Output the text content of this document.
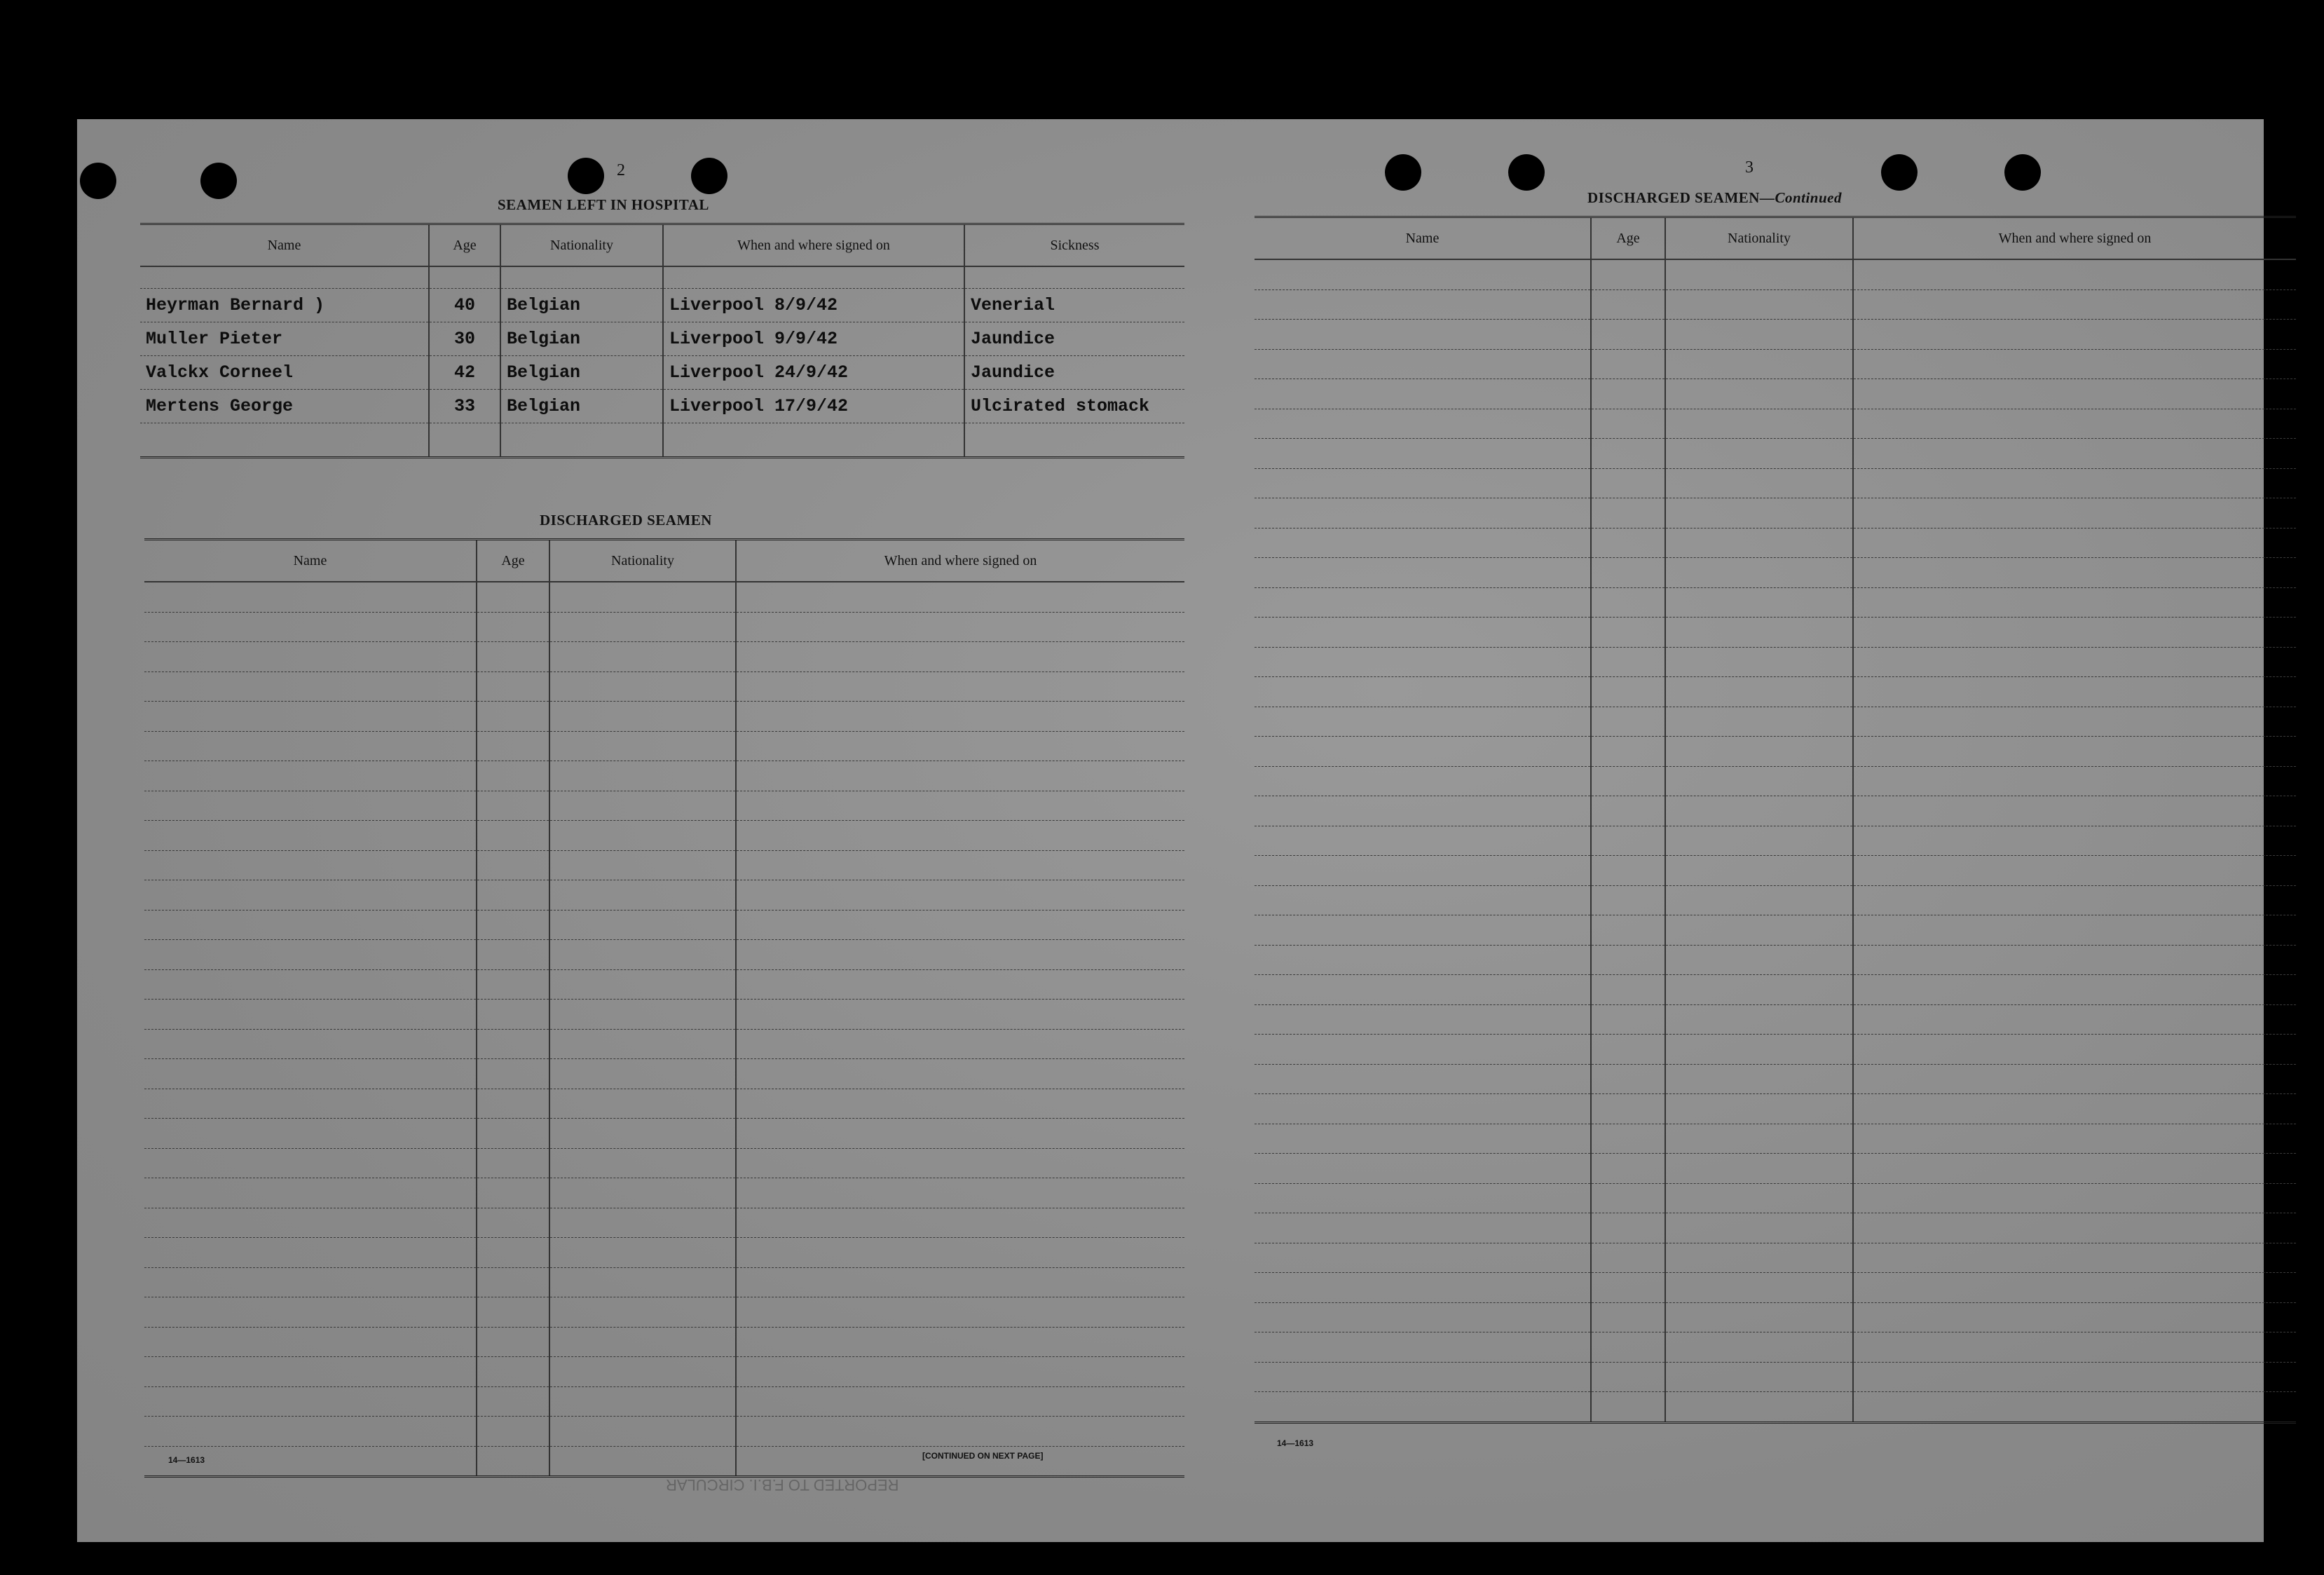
2
SEAMEN LEFT IN HOSPITAL
Name	Age	Nationality	When and where signed on	Sickness

Heyrman Bernard )	40	Belgian	Liverpool 8/9/42	Venerial
Muller Pieter	30	Belgian	Liverpool 9/9/42	Jaundice
Valckx Corneel	42	Belgian	Liverpool 24/9/42	Jaundice
Mertens George	33	Belgian	Liverpool 17/9/42	Ulcirated stomack

DISCHARGED SEAMEN
Name	Age	Nationality	When and where signed on

14—1613	[CONTINUED ON NEXT PAGE]
REPORTED TO F.B.I. CIRCULAR
3
DISCHARGED SEAMEN—Continued
Name	Age	Nationality	When and where signed on

14—1613
